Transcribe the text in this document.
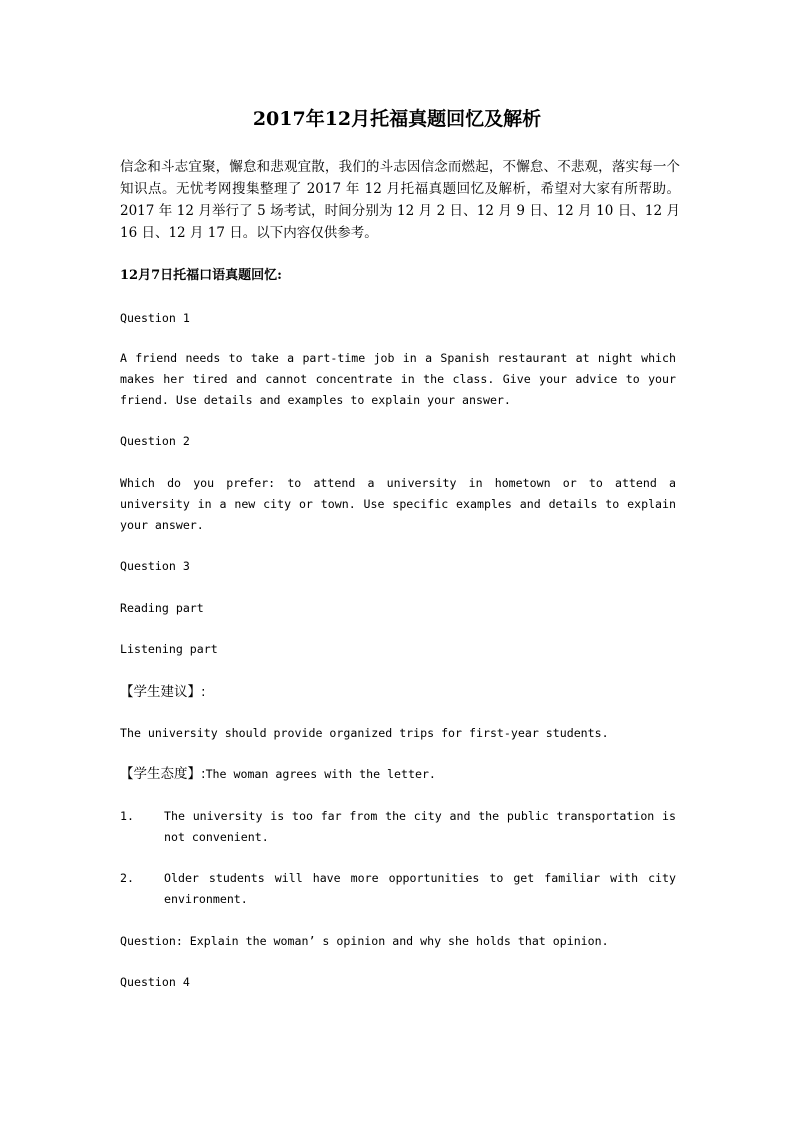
2017年12月托福真题回忆及解析
信念和斗志宜聚，懈怠和悲观宜散，我们的斗志因信念而燃起，不懈怠、不悲观，落实每一个知识点。无忧考网搜集整理了 2017 年 12 月托福真题回忆及解析，希望对大家有所帮助。2017 年 12 月举行了 5 场考试，时间分别为 12 月 2 日、12 月 9 日、12 月 10 日、12 月 16 日、12 月 17 日。以下内容仅供参考。
12月7日托福口语真题回忆:
Question 1
A friend needs to take a part-time job in a Spanish restaurant at night which makes her tired and cannot concentrate in the class. Give your advice to your friend. Use details and examples to explain your answer.
Question 2
Which do you prefer: to attend a university in hometown or to attend a university in a new city or town. Use specific examples and details to explain your answer.
Question 3
Reading part
Listening part
【学生建议】:
The university should provide organized trips for first-year students.
【学生态度】:The woman agrees with the letter.
1.	The university is too far from the city and the public transportation is not convenient.
2.	Older students will have more opportunities to get familiar with city environment.
Question: Explain the woman’ s opinion and why she holds that opinion.
Question 4
